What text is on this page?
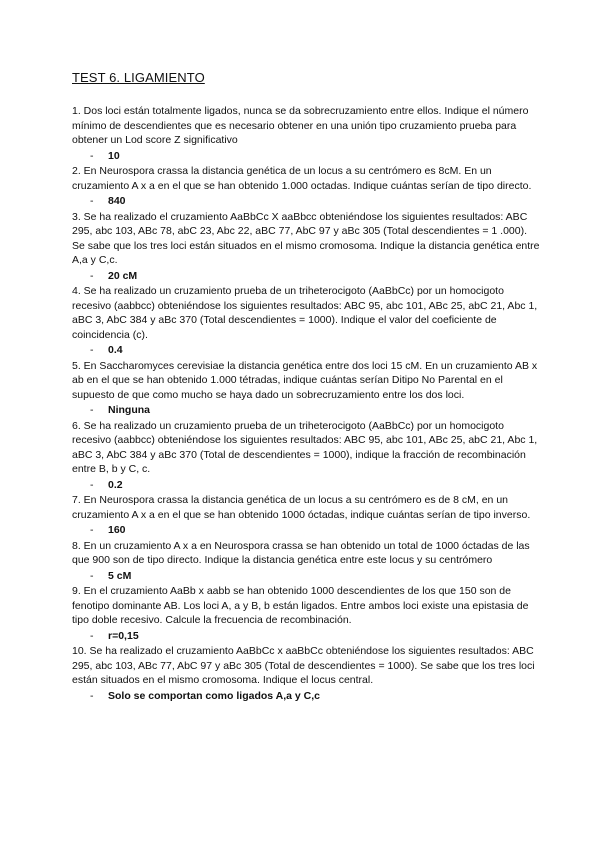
TEST 6. LIGAMIENTO

1. Dos loci están totalmente ligados, nunca se da sobrecruzamiento entre ellos. Indique el número mínimo de descendientes que es necesario obtener en una unión tipo cruzamiento prueba para obtener un Lod score Z significativo

-	10

2. En Neurospora crassa la distancia genética de un locus a su centrómero es 8cM. En un cruzamiento A x a en el que se han obtenido 1.000 octadas. Indique cuántas serían de tipo directo.

-	840

3. Se ha realizado el cruzamiento AaBbCc X aaBbcc obteniéndose los siguientes resultados: ABC 295, abc 103, ABc 78, abC 23, Abc 22, aBC 77, AbC 97 y aBc 305 (Total descendientes = 1 .000). Se sabe que los tres loci están situados en el mismo cromosoma. Indique la distancia genética entre A,a y C,c.

-	20 cM

4. Se ha realizado un cruzamiento prueba de un triheterocigoto (AaBbCc) por un homocigoto recesivo (aabbcc) obteniéndose los siguientes resultados: ABC 95, abc 101, ABc 25, abC 21, Abc 1, aBC 3, AbC 384 y aBc 370 (Total descendientes = 1000). Indique el valor del coeficiente de coincidencia (c).

-	0.4

5. En Saccharomyces cerevisiae la distancia genética entre dos loci 15 cM. En un cruzamiento AB x ab en el que se han obtenido 1.000 tétradas, indique cuántas serían Ditipo No Parental en el supuesto de que como mucho se haya dado un sobrecruzamiento entre los dos loci.

-	Ninguna

6. Se ha realizado un cruzamiento prueba de un triheterocigoto (AaBbCc) por un homocigoto recesivo (aabbcc) obteniéndose los siguientes resultados: ABC 95, abc 101, ABc 25, abC 21, Abc 1, aBC 3, AbC 384 y aBc 370 (Total de descendientes = 1000), indique la fracción de recombinación entre B, b y C, c.

-	0.2

7. En Neurospora crassa la distancia genética de un locus a su centrómero es de 8 cM, en un cruzamiento A x a en el que se han obtenido 1000 óctadas, indique cuántas serían de tipo inverso.

-	160

8. En un cruzamiento A x a en Neurospora crassa se han obtenido un total de 1000 óctadas de las que 900 son de tipo directo. Indique la distancia genética entre este locus y su centrómero

-	5 cM

9. En el cruzamiento AaBb x aabb se han obtenido 1000 descendientes de los que 150 son de fenotipo dominante AB. Los loci A, a y B, b están ligados. Entre ambos loci existe una epistasia de tipo doble recesivo. Calcule la frecuencia de recombinación.

-	r=0,15

10. Se ha realizado el cruzamiento AaBbCc x aaBbCc obteniéndose los siguientes resultados: ABC 295, abc 103, ABc 77, AbC 97 y aBc 305 (Total de descendientes = 1000). Se sabe que los tres loci están situados en el mismo cromosoma. Indique el locus central.

-	Solo se comportan como ligados A,a y C,c
